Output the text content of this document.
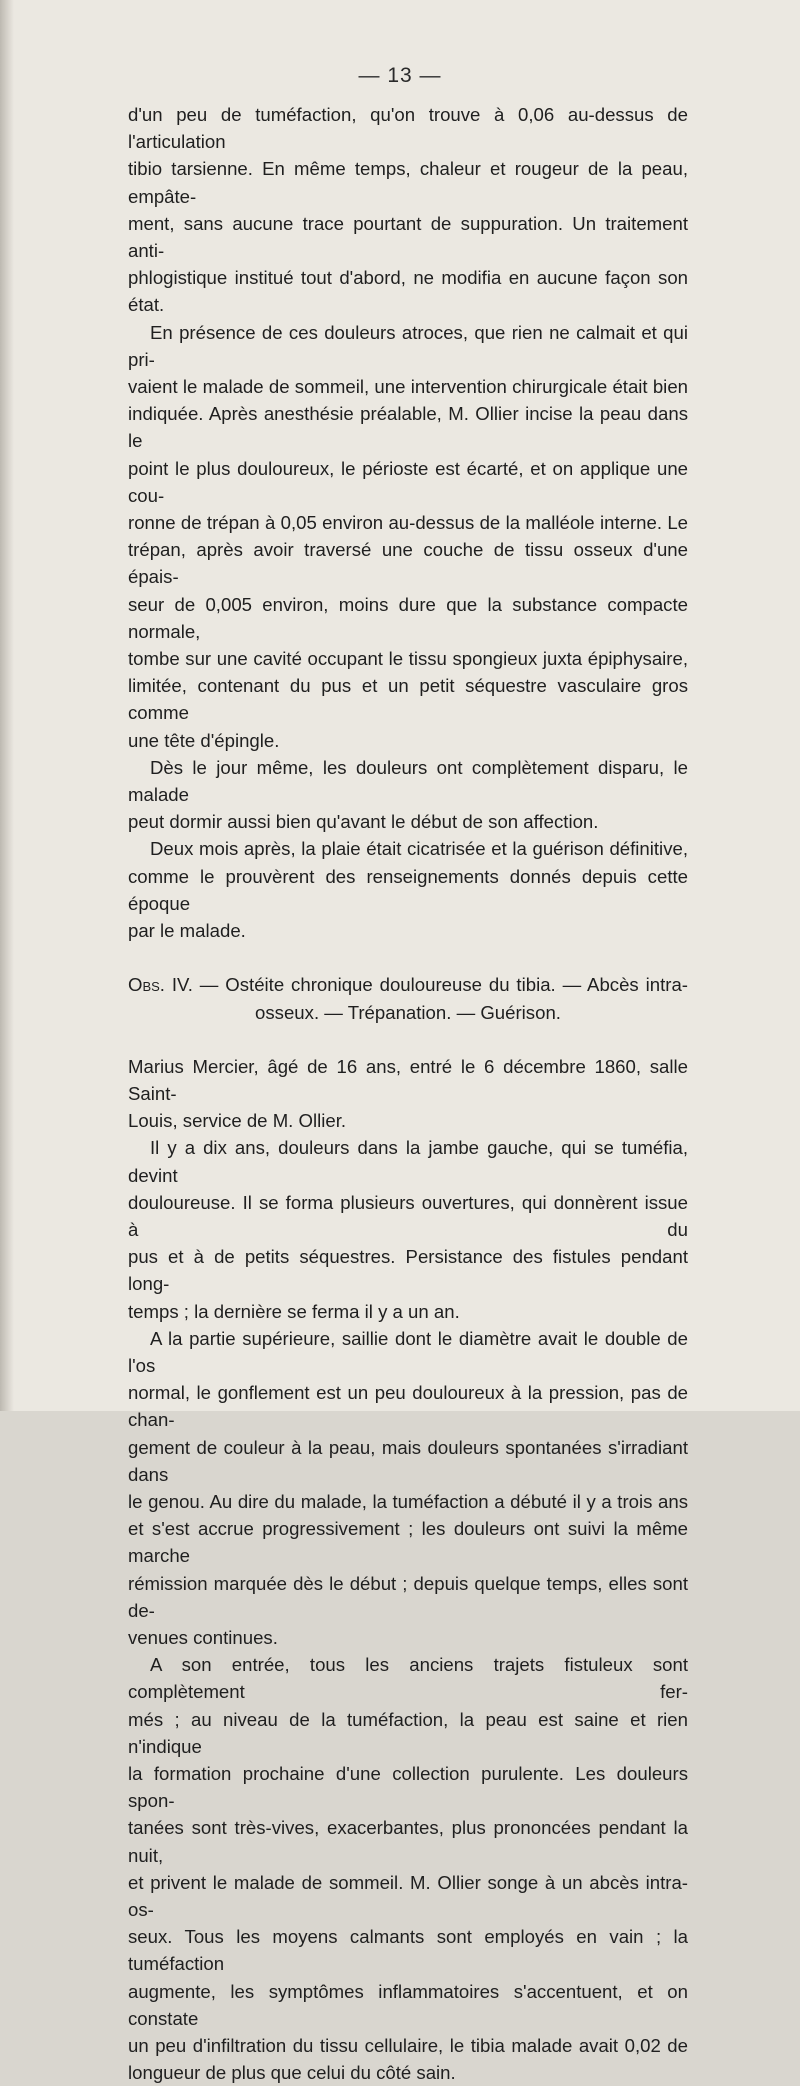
— 13 —

d'un peu de tuméfaction, qu'on trouve à 0,06 au-dessus de l'articulation

tibio tarsienne. En même temps, chaleur et rougeur de la peau, empâte-

ment, sans aucune trace pourtant de suppuration. Un traitement anti-

phlogistique institué tout d'abord, ne modifia en aucune façon son état.

En présence de ces douleurs atroces, que rien ne calmait et qui pri-

vaient le malade de sommeil, une intervention chirurgicale était bien

indiquée. Après anesthésie préalable, M. Ollier incise la peau dans le

point le plus douloureux, le périoste est écarté, et on applique une cou-

ronne de trépan à 0,05 environ au-dessus de la malléole interne. Le

trépan, après avoir traversé une couche de tissu osseux d'une épais-

seur de 0,005 environ, moins dure que la substance compacte normale,

tombe sur une cavité occupant le tissu spongieux juxta épiphysaire,

limitée, contenant du pus et un petit séquestre vasculaire gros comme

une tête d'épingle.

Dès le jour même, les douleurs ont complètement disparu, le malade

peut dormir aussi bien qu'avant le début de son affection.

Deux mois après, la plaie était cicatrisée et la guérison définitive,

comme le prouvèrent des renseignements donnés depuis cette époque

par le malade.

Obs. IV. — Ostéite chronique douloureuse du tibia. — Abcès intra-

osseux. — Trépanation. — Guérison.

Marius Mercier, âgé de 16 ans, entré le 6 décembre 1860, salle Saint-

Louis, service de M. Ollier.

Il y a dix ans, douleurs dans la jambe gauche, qui se tuméfia, devint

douloureuse. Il se forma plusieurs ouvertures, qui donnèrent issue à du

pus et à de petits séquestres. Persistance des fistules pendant long-

temps ; la dernière se ferma il y a un an.

A la partie supérieure, saillie dont le diamètre avait le double de l'os

normal, le gonflement est un peu douloureux à la pression, pas de chan-

gement de couleur à la peau, mais douleurs spontanées s'irradiant dans

le genou. Au dire du malade, la tuméfaction a débuté il y a trois ans

et s'est accrue progressivement ; les douleurs ont suivi la même marche

rémission marquée dès le début ; depuis quelque temps, elles sont de-

venues continues.

A son entrée, tous les anciens trajets fistuleux sont complètement fer-

més ; au niveau de la tuméfaction, la peau est saine et rien n'indique

la formation prochaine d'une collection purulente. Les douleurs spon-

tanées sont très-vives, exacerbantes, plus prononcées pendant la nuit,

et privent le malade de sommeil. M. Ollier songe à un abcès intra-os-

seux. Tous les moyens calmants sont employés en vain ; la tuméfaction

augmente, les symptômes inflammatoires s'accentuent, et on constate

un peu d'infiltration du tissu cellulaire, le tibia malade avait 0,02 de

longueur de plus que celui du côté sain.
